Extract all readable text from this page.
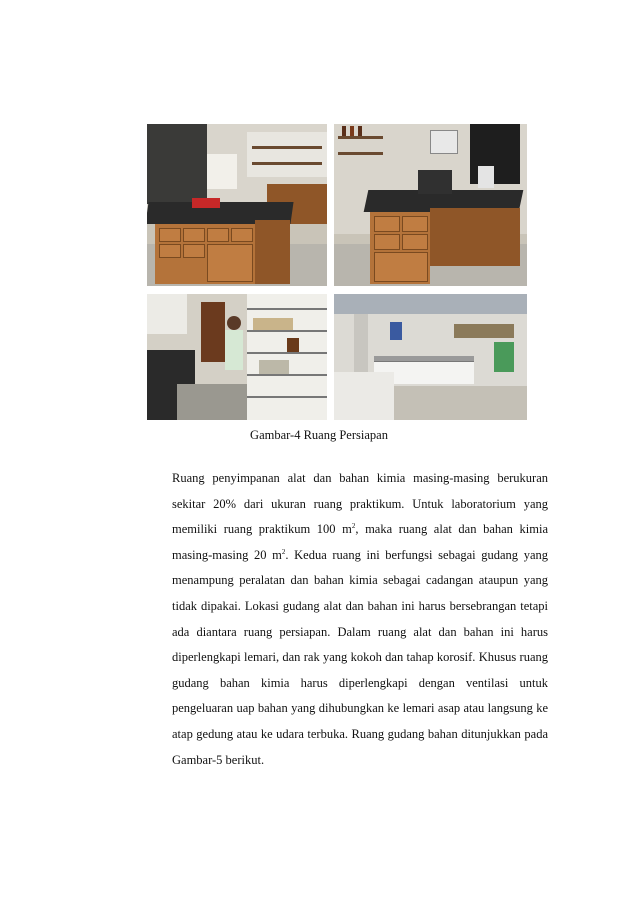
Gambar-4 Ruang Persiapan

Ruang penyimpanan alat dan bahan kimia masing-masing berukuran sekitar 20% dari ukuran ruang praktikum. Untuk laboratorium yang memiliki ruang praktikum 100 $m^2$, maka ruang alat dan bahan kimia masing-masing 20 $m^2$. Kedua ruang ini berfungsi sebagai gudang yang menampung peralatan dan bahan kimia sebagai cadangan ataupun yang tidak dipakai. Lokasi gudang alat dan bahan ini harus bersebrangan tetapi ada diantara ruang persiapan. Dalam ruang alat dan bahan ini harus diperlengkapi lemari, dan rak yang kokoh dan tahap korosif. Khusus ruang gudang bahan kimia harus diperlengkapi dengan ventilasi untuk pengeluaran uap bahan yang dihubungkan ke lemari asap atau langsung ke atap gedung atau ke udara terbuka. Ruang gudang bahan ditunjukkan pada Gambar-5 berikut.
